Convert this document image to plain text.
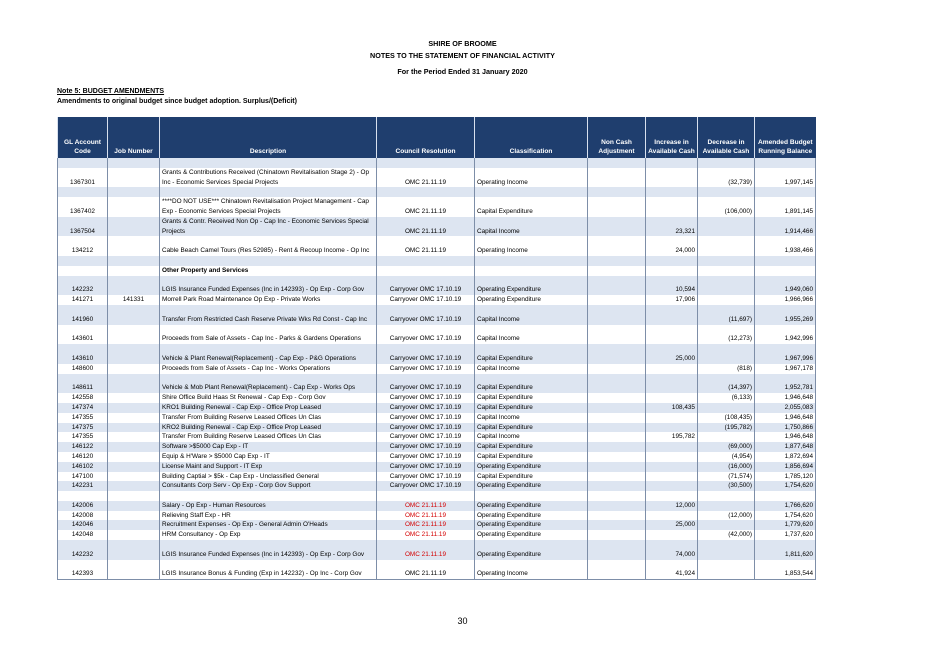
SHIRE OF BROOME
NOTES TO THE STATEMENT OF FINANCIAL ACTIVITY
For the Period Ended 31 January 2020
Note 5: BUDGET AMENDMENTS
Amendments to original budget since budget adoption. Surplus/(Deficit)
GL Account Code	Job Number	Description	Council Resolution	Classification	Non Cash Adjustment	Increase in Available Cash	Decrease in Available Cash	Amended Budget Running Balance

1367301		Grants & Contributions Received (Chinatown Revitalisation Stage 2) - Op Inc - Economic Services Special Projects	OMC 21.11.19	Operating Income			(32,739)	1,997,145

1367402		****DO NOT USE*** Chinatown Revitalisation Project Management - Cap Exp - Economic Services Special Projects	OMC 21.11.19	Capital Expenditure			(106,000)	1,891,145
1367504		Grants & Contr. Received Non Op - Cap Inc - Economic Services Special Projects	OMC 21.11.19	Capital Income		23,321		1,914,466
134212		Cable Beach Camel Tours (Res 52985) - Rent & Recoup Income - Op Inc	OMC 21.11.19	Operating Income		24,000		1,938,466

		Other Property and Services						
142232		LGIS Insurance Funded Expenses (Inc in 142393) - Op Exp - Corp Gov	Carryover OMC 17.10.19	Operating Expenditure		10,594		1,949,060
141271	141331	Morrell Park Road Maintenance Op Exp - Private Works	Carryover OMC 17.10.19	Operating Expenditure		17,906		1,966,966
141960		Transfer From Restricted Cash Reserve Private Wks Rd Const - Cap Inc	Carryover OMC 17.10.19	Capital Income			(11,697)	1,955,269
143601		Proceeds from Sale of Assets - Cap Inc - Parks & Gardens Operations	Carryover OMC 17.10.19	Capital Income			(12,273)	1,942,996
143610		Vehicle & Plant Renewal(Replacement) - Cap Exp - P&G Operations	Carryover OMC 17.10.19	Capital Expenditure		25,000		1,967,996
148600		Proceeds from Sale of Assets - Cap Inc - Works Operations	Carryover OMC 17.10.19	Capital Income			(818)	1,967,178
148611		Vehicle & Mob Plant Renewal(Replacement) - Cap Exp - Works Ops	Carryover OMC 17.10.19	Capital Expenditure			(14,397)	1,952,781
142558		Shire Office Build Haas St Renewal - Cap Exp - Corp Gov	Carryover OMC 17.10.19	Capital Expenditure			(6,133)	1,946,648
147374		KRO1 Building Renewal - Cap Exp - Office Prop Leased	Carryover OMC 17.10.19	Capital Expenditure		108,435		2,055,083
147355		Transfer From Building Reserve Leased Offices Un Clas	Carryover OMC 17.10.19	Capital Income			(108,435)	1,946,648
147375		KRO2 Building Renewal - Cap Exp - Office Prop Leased	Carryover OMC 17.10.19	Capital Expenditure			(195,782)	1,750,866
147355		Transfer From Building Reserve Leased Offices Un Clas	Carryover OMC 17.10.19	Capital Income		195,782		1,946,648
146122		Software >$5000 Cap Exp - IT	Carryover OMC 17.10.19	Capital Expenditure			(69,000)	1,877,648
146120		Equip & H'Ware > $5000 Cap Exp - IT	Carryover OMC 17.10.19	Capital Expenditure			(4,954)	1,872,694
146102		License Maint and Support - IT Exp	Carryover OMC 17.10.19	Operating Expenditure			(16,000)	1,856,694
147100		Building Captial > $5k - Cap Exp - Unclassified General	Carryover OMC 17.10.19	Capital Expenditure			(71,574)	1,785,120
142231		Consultants Corp Serv - Op Exp - Corp Gov Support	Carryover OMC 17.10.19	Operating Expenditure			(30,500)	1,754,620

142006		Salary - Op Exp - Human Resources	OMC 21.11.19	Operating Expenditure		12,000		1,766,620
142008		Relieving Staff Exp - HR	OMC 21.11.19	Operating Expenditure			(12,000)	1,754,620
142046		Recruitment Expenses - Op Exp - General Admin O'Heads	OMC 21.11.19	Operating Expenditure		25,000		1,779,620
142048		HRM Consultancy - Op Exp	OMC 21.11.19	Operating Expenditure			(42,000)	1,737,620
142232		LGIS Insurance Funded Expenses (Inc in 142393) - Op Exp - Corp Gov	OMC 21.11.19	Operating Expenditure		74,000		1,811,620
142393		LGIS Insurance Bonus & Funding (Exp in 142232) - Op Inc - Corp Gov	OMC 21.11.19	Operating Income		41,924		1,853,544
30
